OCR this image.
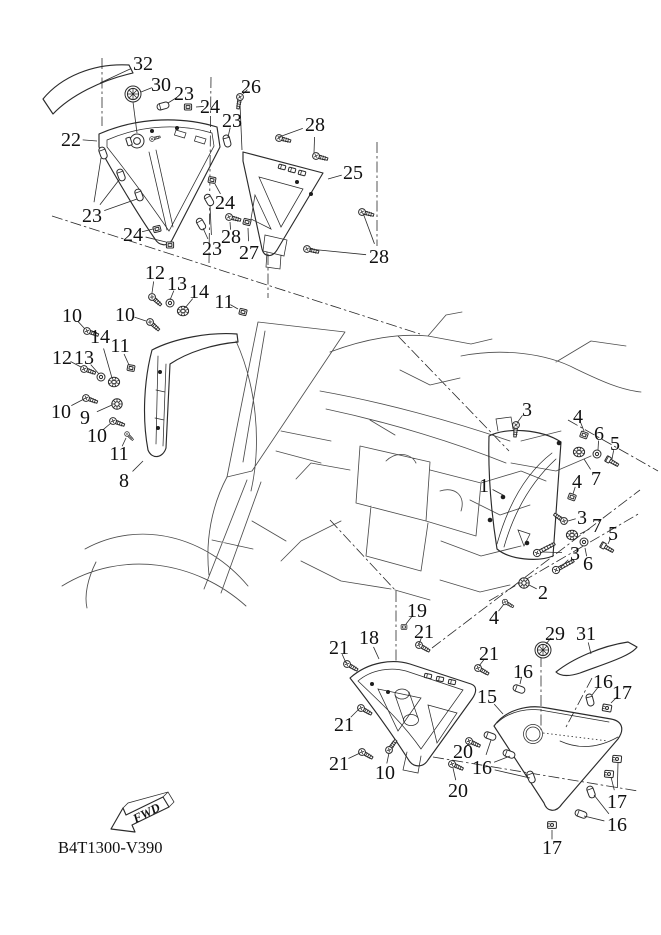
FWD
B4T1300-V390
32
30 23
24
26
23
22
28
25
23
24
24
23
28
27	28
12 13 14 11
10
10
14 11
12 13
10 9
10
11
8
3 4
6 5
1	7
4
3 7 5
3 6
2
4
19
21
18
21	21
29 31
16
15
16 17
21
20
16
21 10
20	17
16
17
